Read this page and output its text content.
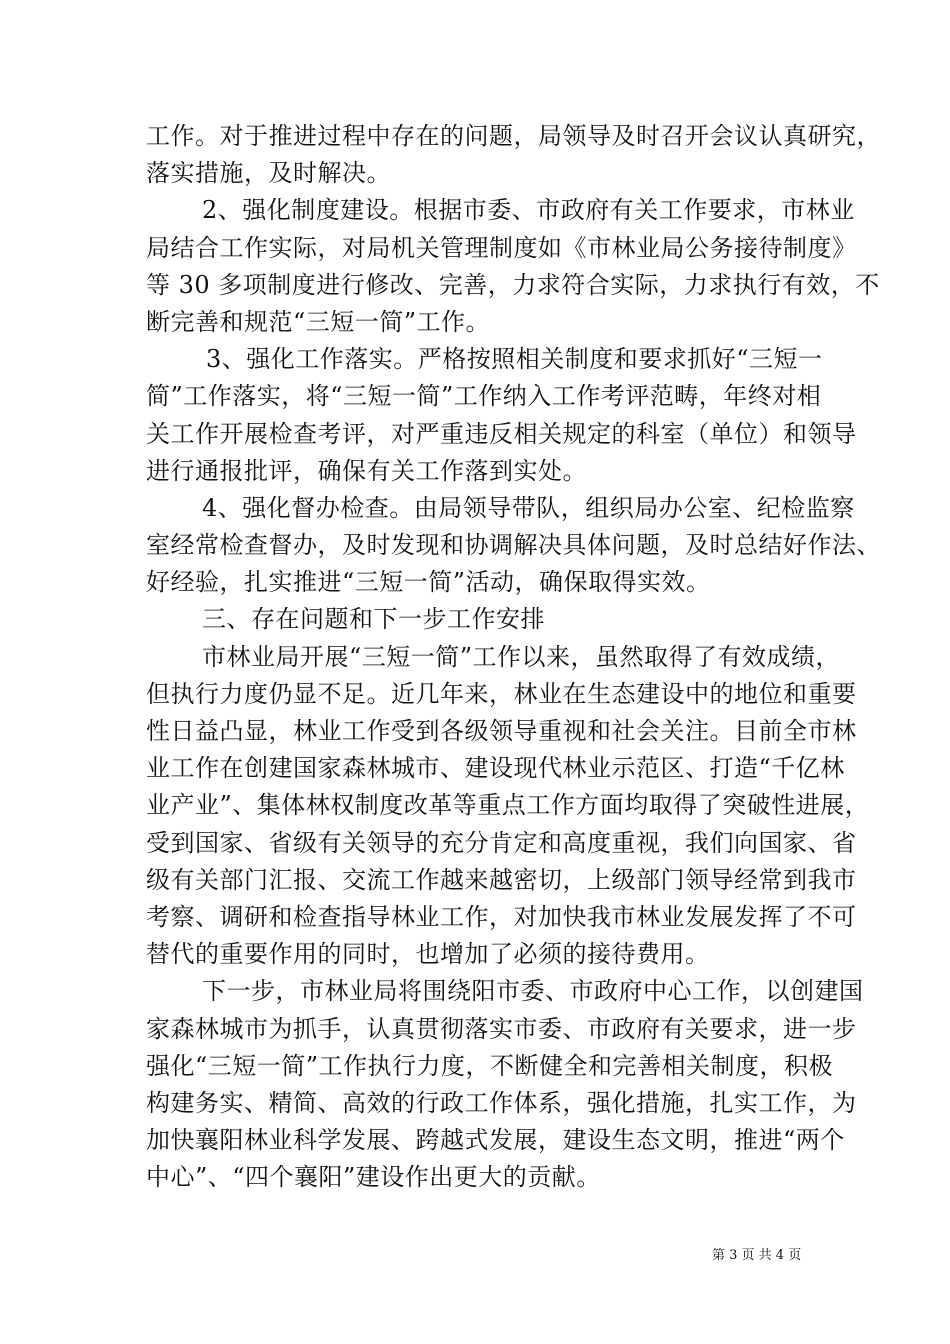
工作。对于推进过程中存在的问题，局领导及时召开会议认真研究，
落实措施，及时解决。
2、强化制度建设。根据市委、市政府有关工作要求，市林业
局结合工作实际，对局机关管理制度如《市林业局公务接待制度》
等 30 多项制度进行修改、完善，力求符合实际，力求执行有效，不
断完善和规范“三短一简”工作。
3、强化工作落实。严格按照相关制度和要求抓好“三短一
简”工作落实，将“三短一简”工作纳入工作考评范畴，年终对相
关工作开展检查考评，对严重违反相关规定的科室（单位）和领导
进行通报批评，确保有关工作落到实处。
4、强化督办检查。由局领导带队，组织局办公室、纪检监察
室经常检查督办，及时发现和协调解决具体问题，及时总结好作法、
好经验，扎实推进“三短一简”活动，确保取得实效。
三、存在问题和下一步工作安排
市林业局开展“三短一简”工作以来，虽然取得了有效成绩，
但执行力度仍显不足。近几年来，林业在生态建设中的地位和重要
性日益凸显，林业工作受到各级领导重视和社会关注。目前全市林
业工作在创建国家森林城市、建设现代林业示范区、打造“千亿林
业产业”、集体林权制度改革等重点工作方面均取得了突破性进展，
受到国家、省级有关领导的充分肯定和高度重视，我们向国家、省
级有关部门汇报、交流工作越来越密切，上级部门领导经常到我市
考察、调研和检查指导林业工作，对加快我市林业发展发挥了不可
替代的重要作用的同时，也增加了必须的接待费用。
下一步，市林业局将围绕阳市委、市政府中心工作，以创建国
家森林城市为抓手，认真贯彻落实市委、市政府有关要求，进一步
强化“三短一简”工作执行力度，不断健全和完善相关制度，积极
构建务实、精简、高效的行政工作体系，强化措施，扎实工作，为
加快襄阳林业科学发展、跨越式发展，建设生态文明，推进“两个
中心”、“四个襄阳”建设作出更大的贡献。
第 3 页 共 4 页
